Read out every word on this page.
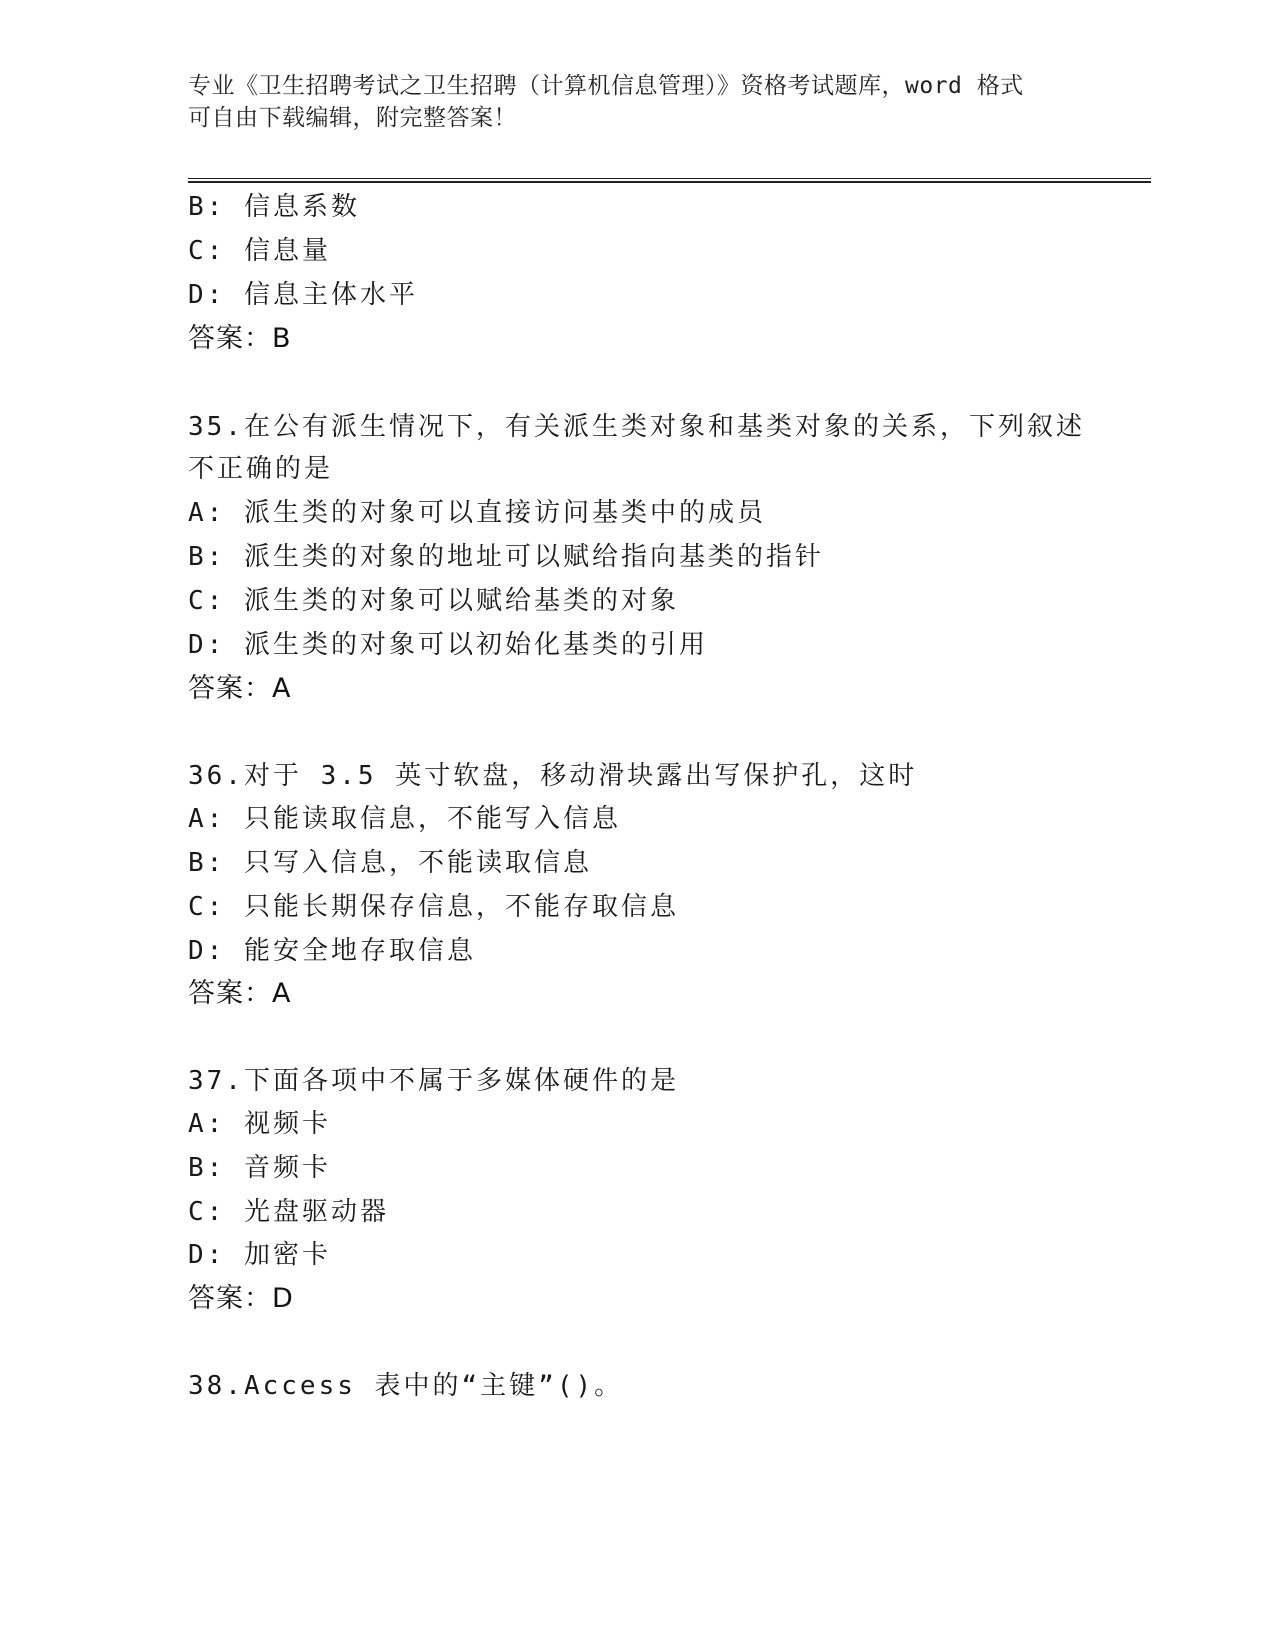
专业《卫生招聘考试之卫生招聘（计算机信息管理）》资格考试题库，word 格式
可自由下载编辑，附完整答案！
B: 信息系数
C: 信息量
D: 信息主体水平
答案：B
35.在公有派生情况下，有关派生类对象和基类对象的关系，下列叙述
不正确的是
A: 派生类的对象可以直接访问基类中的成员
B: 派生类的对象的地址可以赋给指向基类的指针
C: 派生类的对象可以赋给基类的对象
D: 派生类的对象可以初始化基类的引用
答案：A
36.对于 3.5 英寸软盘，移动滑块露出写保护孔，这时
A: 只能读取信息，不能写入信息
B: 只写入信息，不能读取信息
C: 只能长期保存信息，不能存取信息
D: 能安全地存取信息
答案：A
37.下面各项中不属于多媒体硬件的是
A: 视频卡
B: 音频卡
C: 光盘驱动器
D: 加密卡
答案：D
38.Access 表中的“主键”()。
